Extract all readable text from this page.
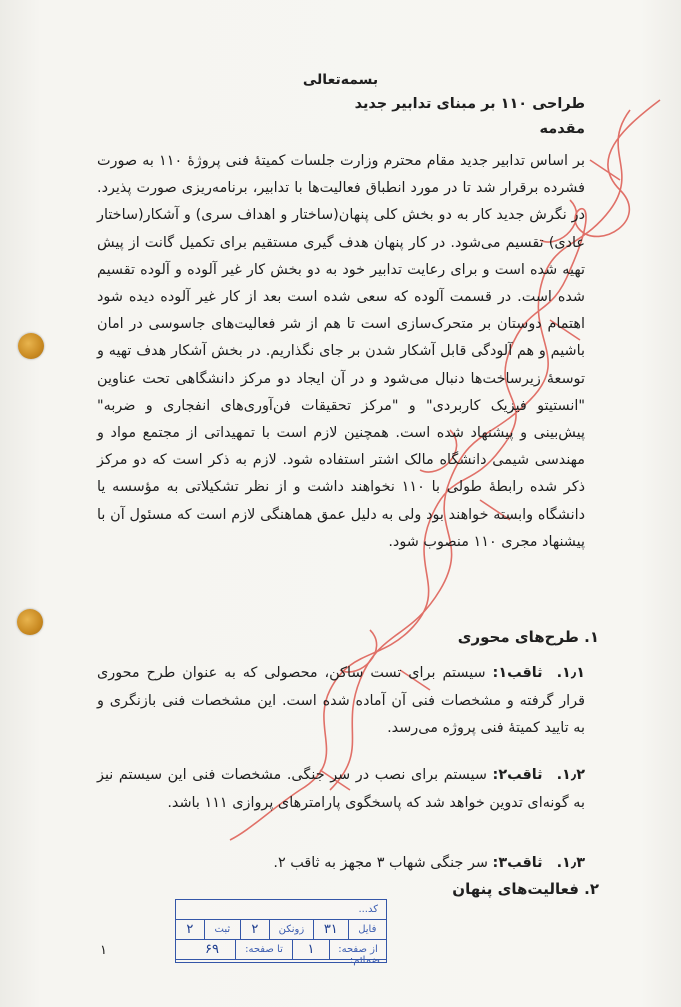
بسمه‌تعالی
طراحی ۱۱۰ بر مبنای تدابیر جدید
مقدمه
بر اساس تدابیر جدید مقام محترم وزارت جلسات کمیتهٔ فنی پروژهٔ ۱۱۰ به صورت فشرده برقرار شد تا در مورد انطباق فعالیت‌ها با تدابیر، برنامه‌ریزی صورت پذیرد. در نگرش جدید کار به دو بخش کلی پنهان(ساختار و اهداف سری) و آشکار(ساختار عادی) تقسیم می‌شود. در کار پنهان هدف گیری مستقیم برای تکمیل گانت از پیش تهیه شده است و برای رعایت تدابیر خود به دو بخش کار غیر آلوده و آلوده تقسیم شده است. در قسمت آلوده که سعی شده است بعد از کار غیر آلوده دیده شود اهتمام دوستان بر متحرک‌سازی است تا هم از شر فعالیت‌های جاسوسی در امان باشیم و هم آلودگی قابل آشکار شدن بر جای نگذاریم. در بخش آشکار هدف تهیه و توسعهٔ زیرساخت‌ها دنبال می‌شود و در آن ایجاد دو مرکز دانشگاهی تحت عناوین "انستیتو فیزیک کاربردی" و "مرکز تحقیقات فن‌آوری‌های انفجاری و ضربه" پیش‌بینی و پیشنهاد شده است. همچنین لازم است با تمهیداتی از مجتمع مواد و مهندسی شیمی دانشگاه مالک اشتر استفاده شود. لازم به ذکر است که دو مرکز ذکر شده رابطهٔ طولی با ۱۱۰ نخواهند داشت و از نظر تشکیلاتی به مؤسسه یا دانشگاه وابسته خواهند بود ولی به دلیل عمق هماهنگی لازم است که مسئول آن با پیشنهاد مجری ۱۱۰ منصوب شود.
۱. طرح‌های محوری
۱٫۱.ثاقب۱: سیستم برای تست ساکن، محصولی که به عنوان طرح محوری قرار گرفته و مشخصات فنی آن آماده شده است. این مشخصات فنی بازنگری و به تایید کمیتهٔ فنی پروژه می‌رسد.
۱٫۲.ثاقب۲: سیستم برای نصب در سر جنگی. مشخصات فنی این سیستم نیز به گونه‌ای تدوین خواهد شد که پاسخگوی پارامترهای پروازی ۱۱۱ باشد.
۱٫۳.ثاقب۳: سر جنگی شهاب ۳ مجهز به ثاقب ۲.
۲. فعالیت‌های پنهان
۱
کد...
فایل
۳۱
زونکن
۲
ثبت
۲
از صفحه:
۱
تا صفحه:
۶۹
ضمائم:
